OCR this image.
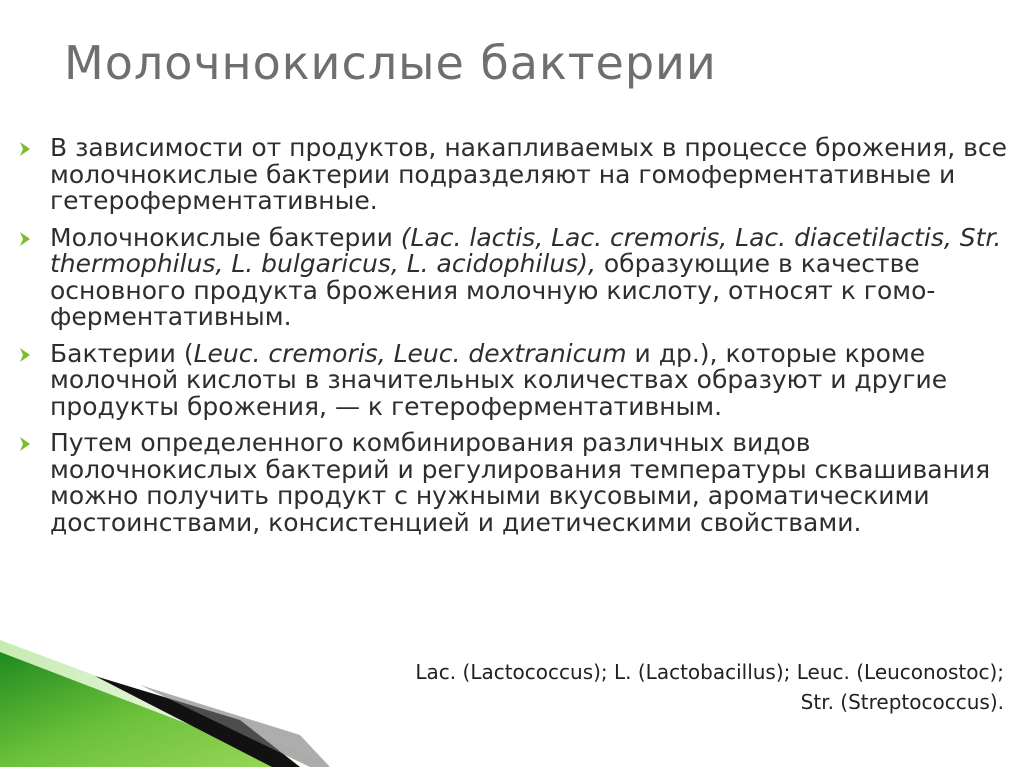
Молочнокислые бактерии
В зависимости от продуктов, накапливаемых в процессе брожения, все молочнокислые бактерии подразделяют на гомоферментативные и гетероферментативные.
Молочнокислые бактерии (Lac. lactis, Lac. cremoris, Lac. diacetilactis, Str. thermophilus, L. bulgaricus, L. acidophilus), образующие в качестве основного продукта брожения молочную кислоту, относят к гомо- ферментативным.
Бактерии (Leuc. cremoris, Leuc. dextranicum и др.), которые кроме молочной кислоты в значительных количествах образуют и другие продукты брожения, — к гетероферментативным.
Путем определенного комбинирования различных видов молочнокислых бактерий и регулирования температуры сквашивания можно получить продукт с нужными вкусовыми, ароматическими достоинствами, консистенцией и диетическими свойствами.
Lac. (Lactococcus); L. (Lactobacillus); Leuc. (Leuconostoc);
Str. (Streptococcus).
